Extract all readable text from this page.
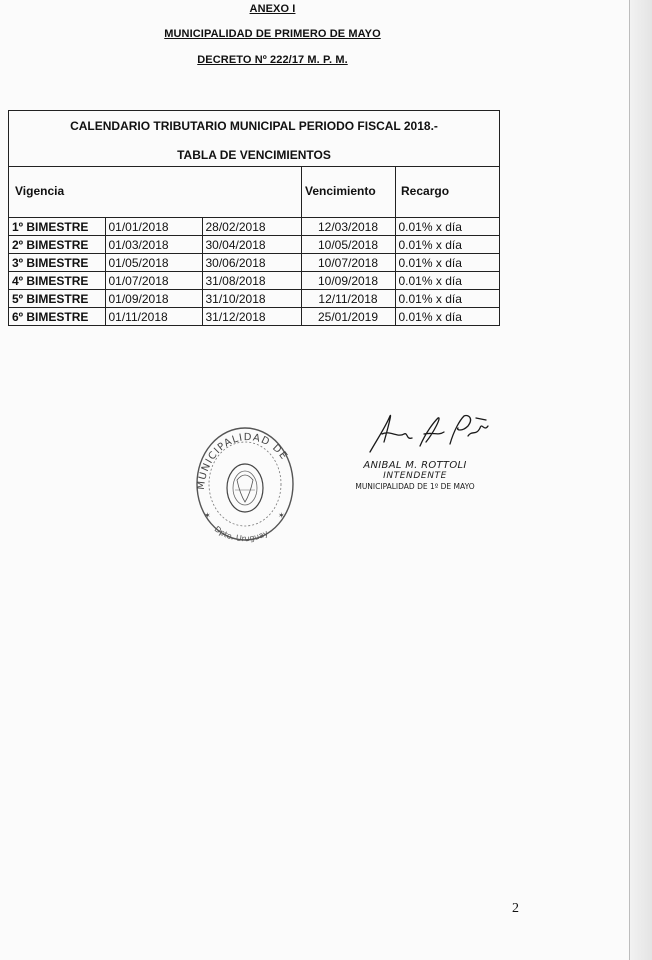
ANEXO I
MUNICIPALIDAD DE PRIMERO DE MAYO
DECRETO Nº 222/17 M. P. M.
CALENDARIO TRIBUTARIO MUNICIPAL PERIODO FISCAL 2018.-
TABLA DE VENCIMIENTOS
Vigencia	Vencimiento Recargo
1º BIMESTRE	01/01/2018	28/02/2018	12/03/2018	0.01% x día
2º BIMESTRE	01/03/2018	30/04/2018	10/05/2018	0.01% x día
3º BIMESTRE	01/05/2018	30/06/2018	10/07/2018	0.01% x día
4º BIMESTRE	01/07/2018	31/08/2018	10/09/2018	0.01% x día
5º BIMESTRE	01/09/2018	31/10/2018	12/11/2018	0.01% x día
6º BIMESTRE	01/11/2018	31/12/2018	25/01/2019	0.01% x día
MUNICIPALIDAD DE
Dpto. Uruguay
✶	✶
ANIBAL M. ROTTOLI
INTENDENTE
MUNICIPALIDAD DE 1º DE MAYO
2
